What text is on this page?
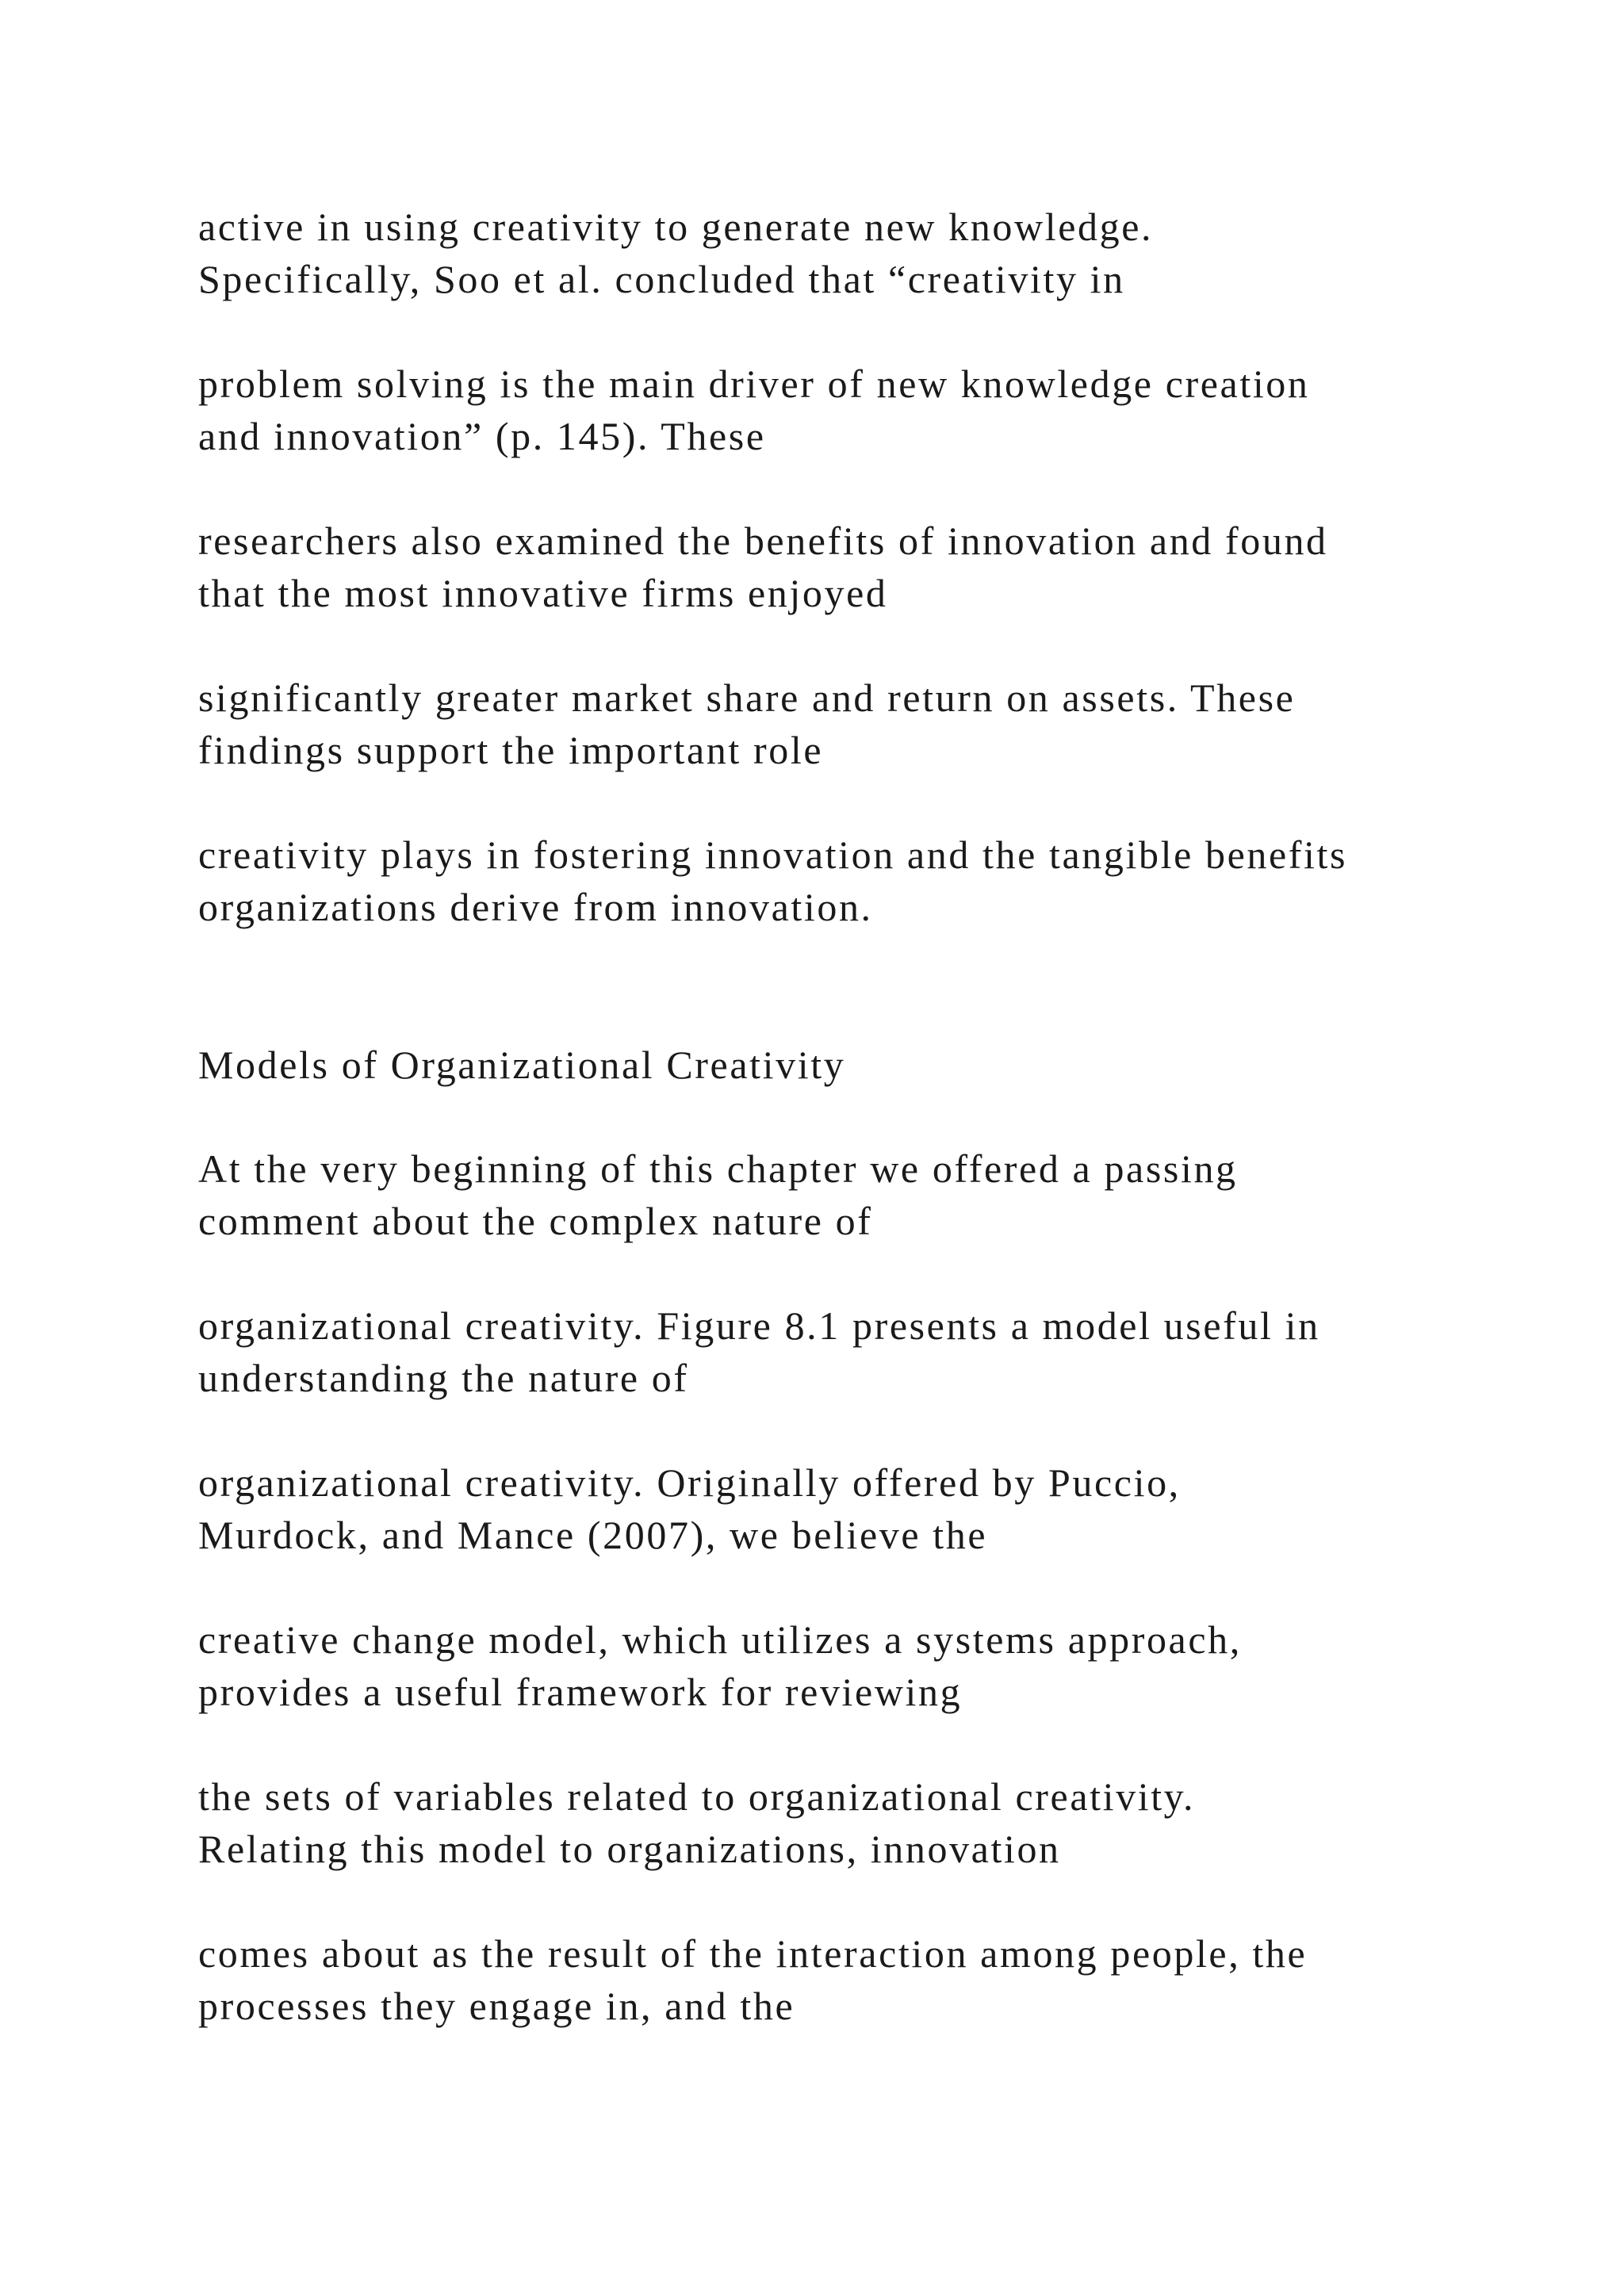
active in using creativity to generate new knowledge.
Specifically, Soo et al. concluded that “creativity in

problem solving is the main driver of new knowledge creation
and innovation” (p. 145). These

researchers also examined the benefits of innovation and found
that the most innovative firms enjoyed

significantly greater market share and return on assets. These
findings support the important role

creativity plays in fostering innovation and the tangible benefits
organizations derive from innovation.

Models of Organizational Creativity

At the very beginning of this chapter we offered a passing
comment about the complex nature of

organizational creativity. Figure 8.1 presents a model useful in
understanding the nature of

organizational creativity. Originally offered by Puccio,
Murdock, and Mance (2007), we believe the

creative change model, which utilizes a systems approach,
provides a useful framework for reviewing

the sets of variables related to organizational creativity.
Relating this model to organizations, innovation

comes about as the result of the interaction among people, the
processes they engage in, and the
